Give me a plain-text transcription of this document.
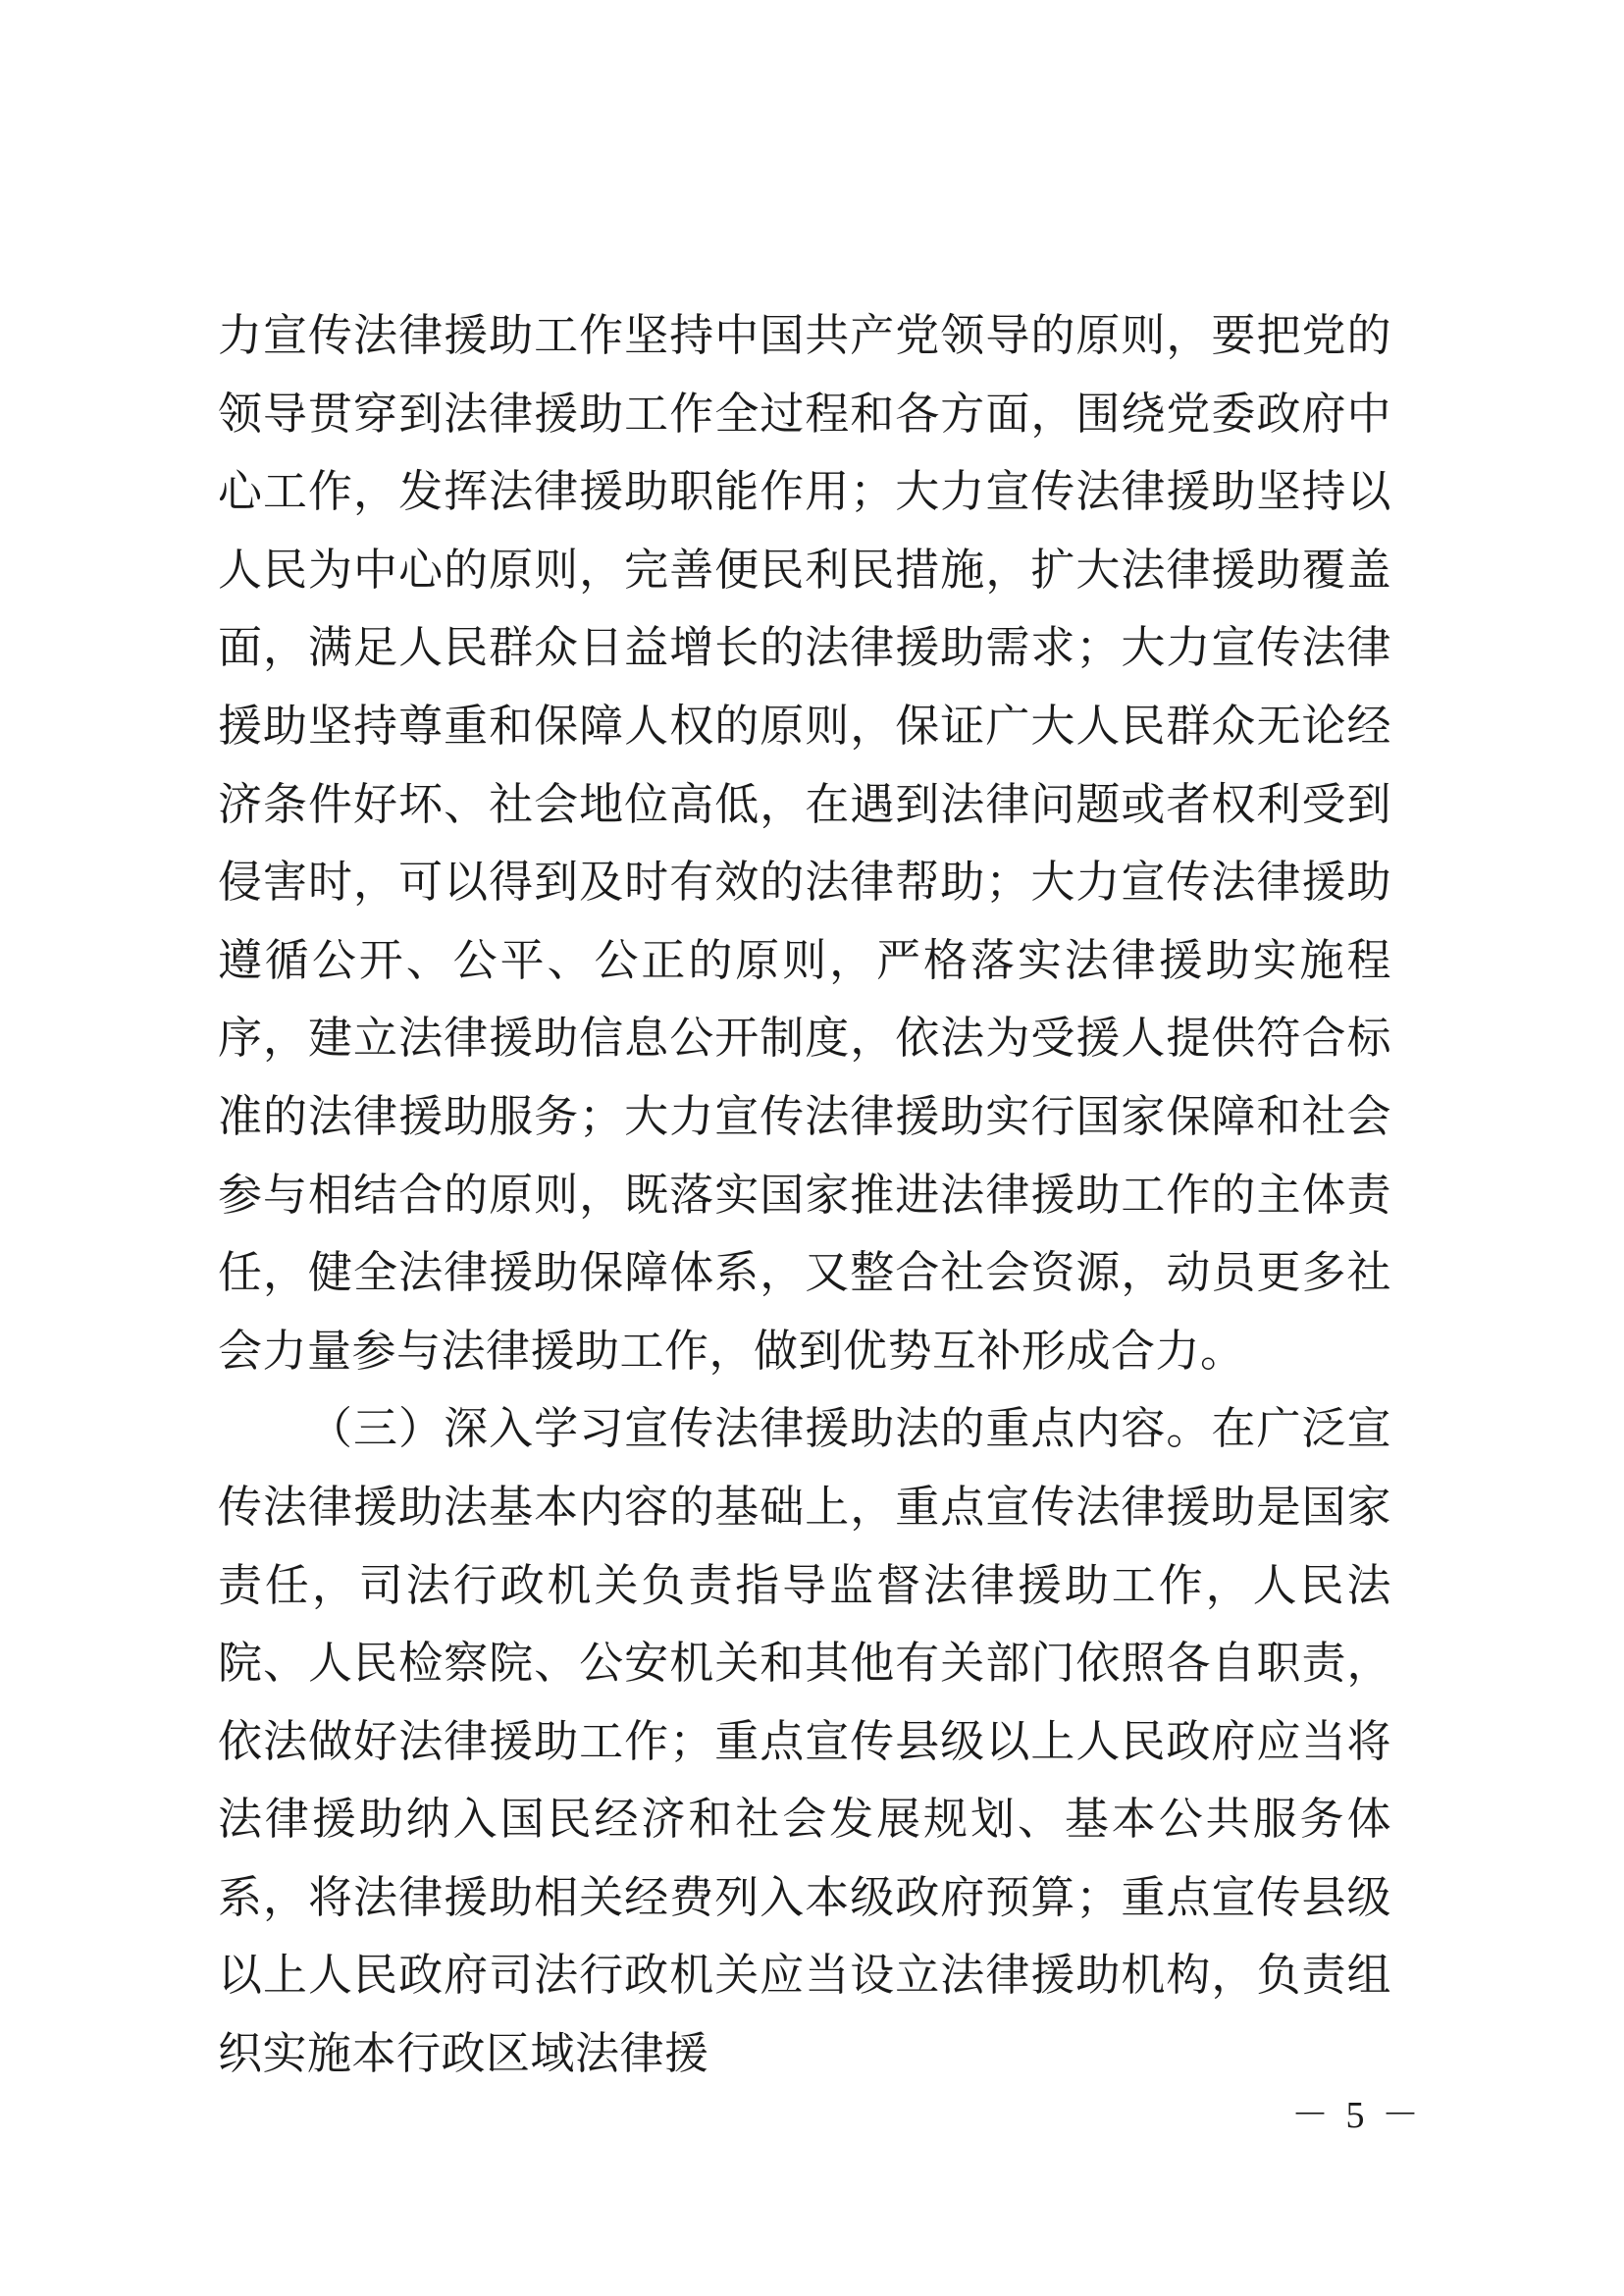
力宣传法律援助工作坚持中国共产党领导的原则，要把党的领导贯穿到法律援助工作全过程和各方面，围绕党委政府中心工作，发挥法律援助职能作用；大力宣传法律援助坚持以人民为中心的原则，完善便民利民措施，扩大法律援助覆盖面，满足人民群众日益增长的法律援助需求；大力宣传法律援助坚持尊重和保障人权的原则，保证广大人民群众无论经济条件好坏、社会地位高低，在遇到法律问题或者权利受到侵害时，可以得到及时有效的法律帮助；大力宣传法律援助遵循公开、公平、公正的原则，严格落实法律援助实施程序，建立法律援助信息公开制度，依法为受援人提供符合标准的法律援助服务；大力宣传法律援助实行国家保障和社会参与相结合的原则，既落实国家推进法律援助工作的主体责任，健全法律援助保障体系，又整合社会资源，动员更多社会力量参与法律援助工作，做到优势互补形成合力。

（三）深入学习宣传法律援助法的重点内容。在广泛宣传法律援助法基本内容的基础上，重点宣传法律援助是国家责任，司法行政机关负责指导监督法律援助工作，人民法院、人民检察院、公安机关和其他有关部门依照各自职责，依法做好法律援助工作；重点宣传县级以上人民政府应当将法律援助纳入国民经济和社会发展规划、基本公共服务体系，将法律援助相关经费列入本级政府预算；重点宣传县级以上人民政府司法行政机关应当设立法律援助机构，负责组织实施本行政区域法律援

－ 5 －
